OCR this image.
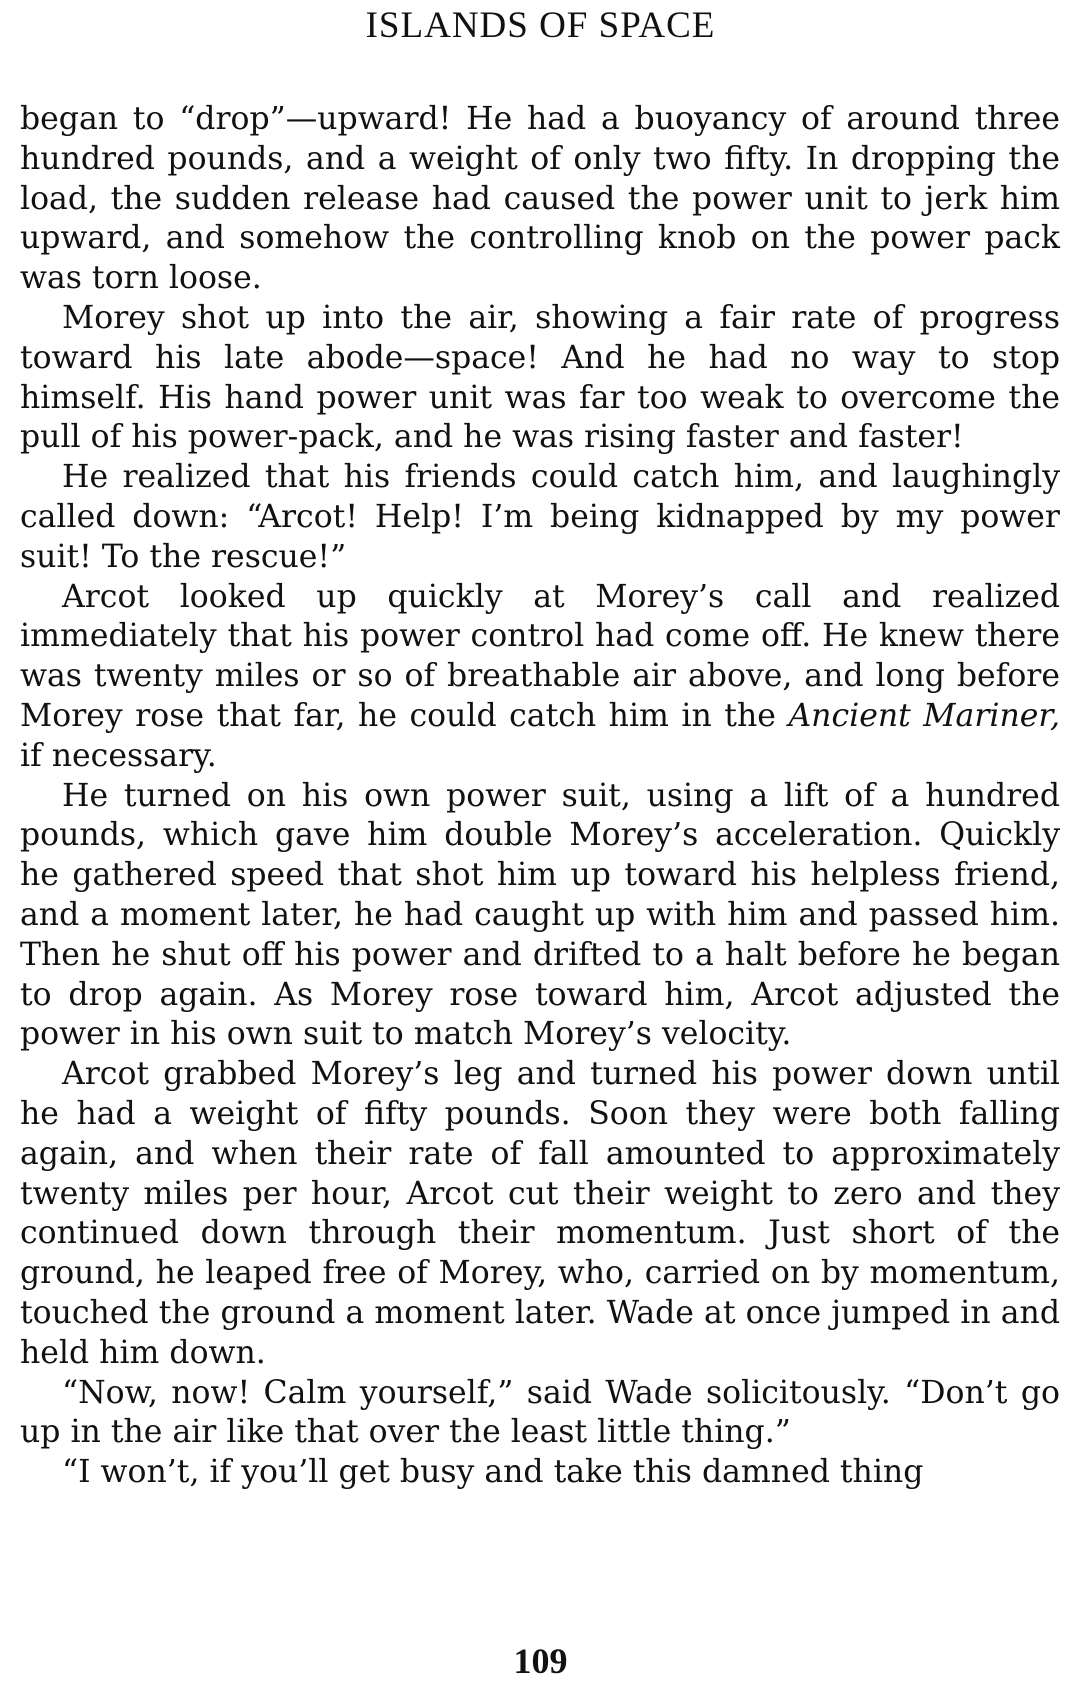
ISLANDS OF SPACE

began to “drop”—upward! He had a buoyancy of around three hundred pounds, and a weight of only two fifty. In dropping the load, the sudden release had caused the power unit to jerk him upward, and somehow the controlling knob on the power pack was torn loose.

Morey shot up into the air, showing a fair rate of progress toward his late abode—space! And he had no way to stop himself. His hand power unit was far too weak to overcome the pull of his power-pack, and he was rising faster and faster!

He realized that his friends could catch him, and laughingly called down: “Arcot! Help! I’m being kidnapped by my power suit! To the rescue!”

Arcot looked up quickly at Morey’s call and realized immediately that his power control had come off. He knew there was twenty miles or so of breathable air above, and long before Morey rose that far, he could catch him in the Ancient Mariner, if necessary.

He turned on his own power suit, using a lift of a hundred pounds, which gave him double Morey’s acceleration. Quickly he gathered speed that shot him up toward his helpless friend, and a moment later, he had caught up with him and passed him. Then he shut off his power and drifted to a halt before he began to drop again. As Morey rose toward him, Arcot adjusted the power in his own suit to match Morey’s velocity.

Arcot grabbed Morey’s leg and turned his power down until he had a weight of fifty pounds. Soon they were both falling again, and when their rate of fall amounted to approximately twenty miles per hour, Arcot cut their weight to zero and they continued down through their momentum. Just short of the ground, he leaped free of Morey, who, carried on by momentum, touched the ground a moment later. Wade at once jumped in and held him down.

“Now, now! Calm yourself,” said Wade solicitously. “Don’t go up in the air like that over the least little thing.”

“I won’t, if you’ll get busy and take this damned thing

109
